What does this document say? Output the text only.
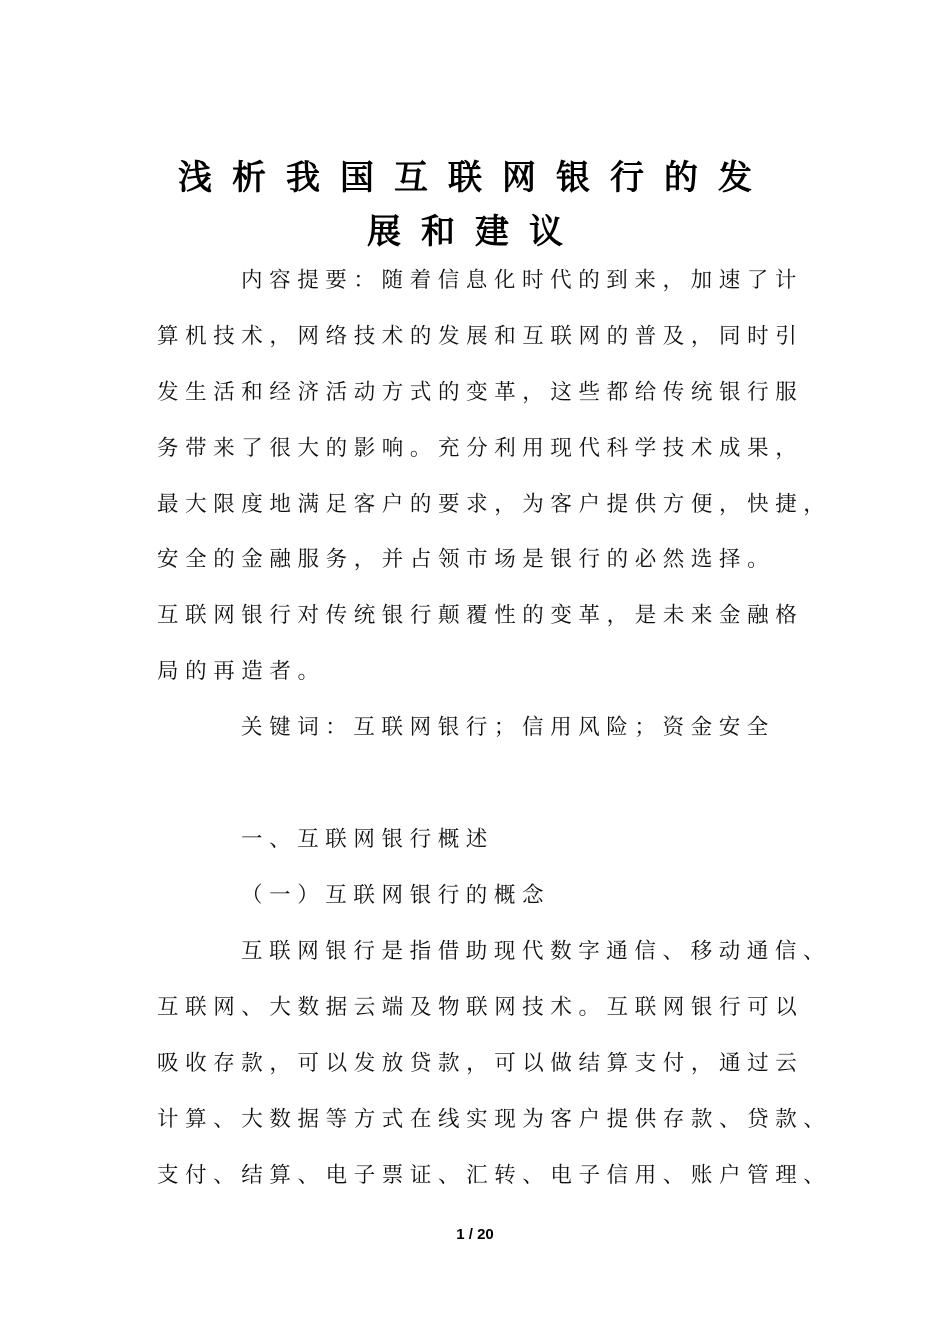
浅析我国互联网银行的发
展和建议
内容提要：随着信息化时代的到来，加速了计
算机技术，网络技术的发展和互联网的普及，同时引
发生活和经济活动方式的变革，这些都给传统银行服
务带来了很大的影响。充分利用现代科学技术成果，
最大限度地满足客户的要求，为客户提供方便，快捷，
安全的金融服务，并占领市场是银行的必然选择。
互联网银行对传统银行颠覆性的变革，是未来金融格
局的再造者。
关键词：互联网银行；信用风险；资金安全
一、互联网银行概述
（一）互联网银行的概念
互联网银行是指借助现代数字通信、移动通信、
互联网、大数据云端及物联网技术。互联网银行可以
吸收存款，可以发放贷款，可以做结算支付，通过云
计算、大数据等方式在线实现为客户提供存款、贷款、
支付、结算、电子票证、汇转、电子信用、账户管理、
1 / 20
